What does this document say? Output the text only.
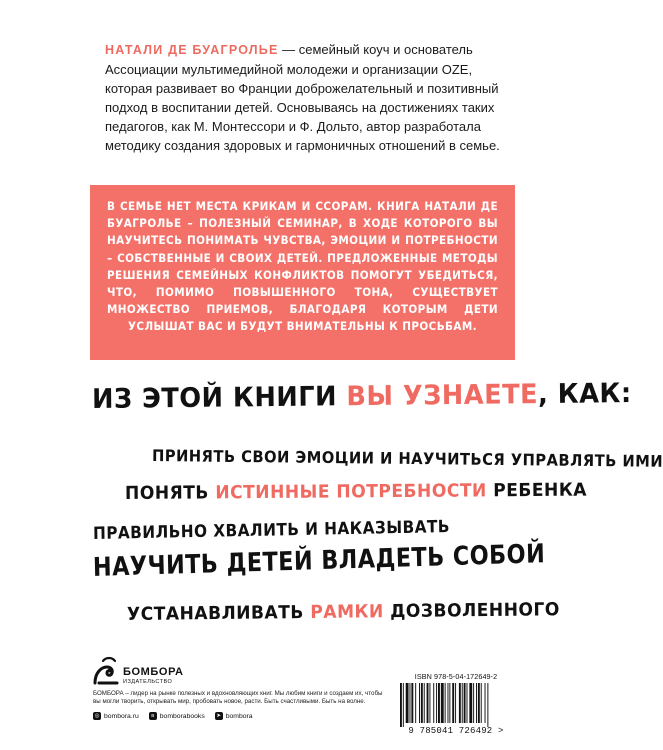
НАТАЛИ ДЕ БУАГРОЛЬЕ — семейный коуч и основатель Ассоциации мультимедийной молодежи и организации OZE, которая развивает во Франции доброжелательный и позитивный подход в воспитании детей. Основываясь на достижениях таких педагогов, как М. Монтессори и Ф. Дольто, автор разработала методику создания здоровых и гармоничных отношений в семье.
В СЕМЬЕ НЕТ МЕСТА КРИКАМ И ССОРАМ. КНИГА НАТАЛИ ДЕ БУАГРОЛЬЕ – ПОЛЕЗНЫЙ СЕМИНАР, В ХОДЕ КОТОРОГО ВЫ НАУЧИТЕСЬ ПОНИМАТЬ ЧУВСТВА, ЭМОЦИИ И ПОТРЕБНОСТИ – СОБСТВЕННЫЕ И СВОИХ ДЕТЕЙ. ПРЕДЛОЖЕННЫЕ МЕТОДЫ РЕШЕНИЯ СЕМЕЙНЫХ КОНФЛИКТОВ ПОМОГУТ УБЕДИТЬСЯ, ЧТО, ПОМИМО ПОВЫШЕННОГО ТОНА, СУЩЕСТВУЕТ МНОЖЕСТВО ПРИЕМОВ, БЛАГОДАРЯ КОТОРЫМ ДЕТИ УСЛЫШАТ ВАС И БУДУТ ВНИМАТЕЛЬНЫ К ПРОСЬБАМ.
ИЗ ЭТОЙ КНИГИ ВЫ УЗНАЕТЕ, КАК:
ПРИНЯТЬ СВОИ ЭМОЦИИ И НАУЧИТЬСЯ УПРАВЛЯТЬ ИМИ
ПОНЯТЬ ИСТИННЫЕ ПОТРЕБНОСТИ РЕБЕНКА
ПРАВИЛЬНО ХВАЛИТЬ И НАКАЗЫВАТЬ
НАУЧИТЬ ДЕТЕЙ ВЛАДЕТЬ СОБОЙ
УСТАНАВЛИВАТЬ РАМКИ ДОЗВОЛЕННОГО
БОМБОРА
ИЗДАТЕЛЬСТВО
БОМБОРА – лидер на рынке полезных и вдохновляющих книг. Мы любим книги и создаем их, чтобы вы могли творить, открывать мир, пробовать новое, расти. Быть счастливыми. Быть на волне.
◎ bombora.ru	в bomborabooks	➤ bombora
ISBN 978-5-04-172649-2
9 785041 726492 >
